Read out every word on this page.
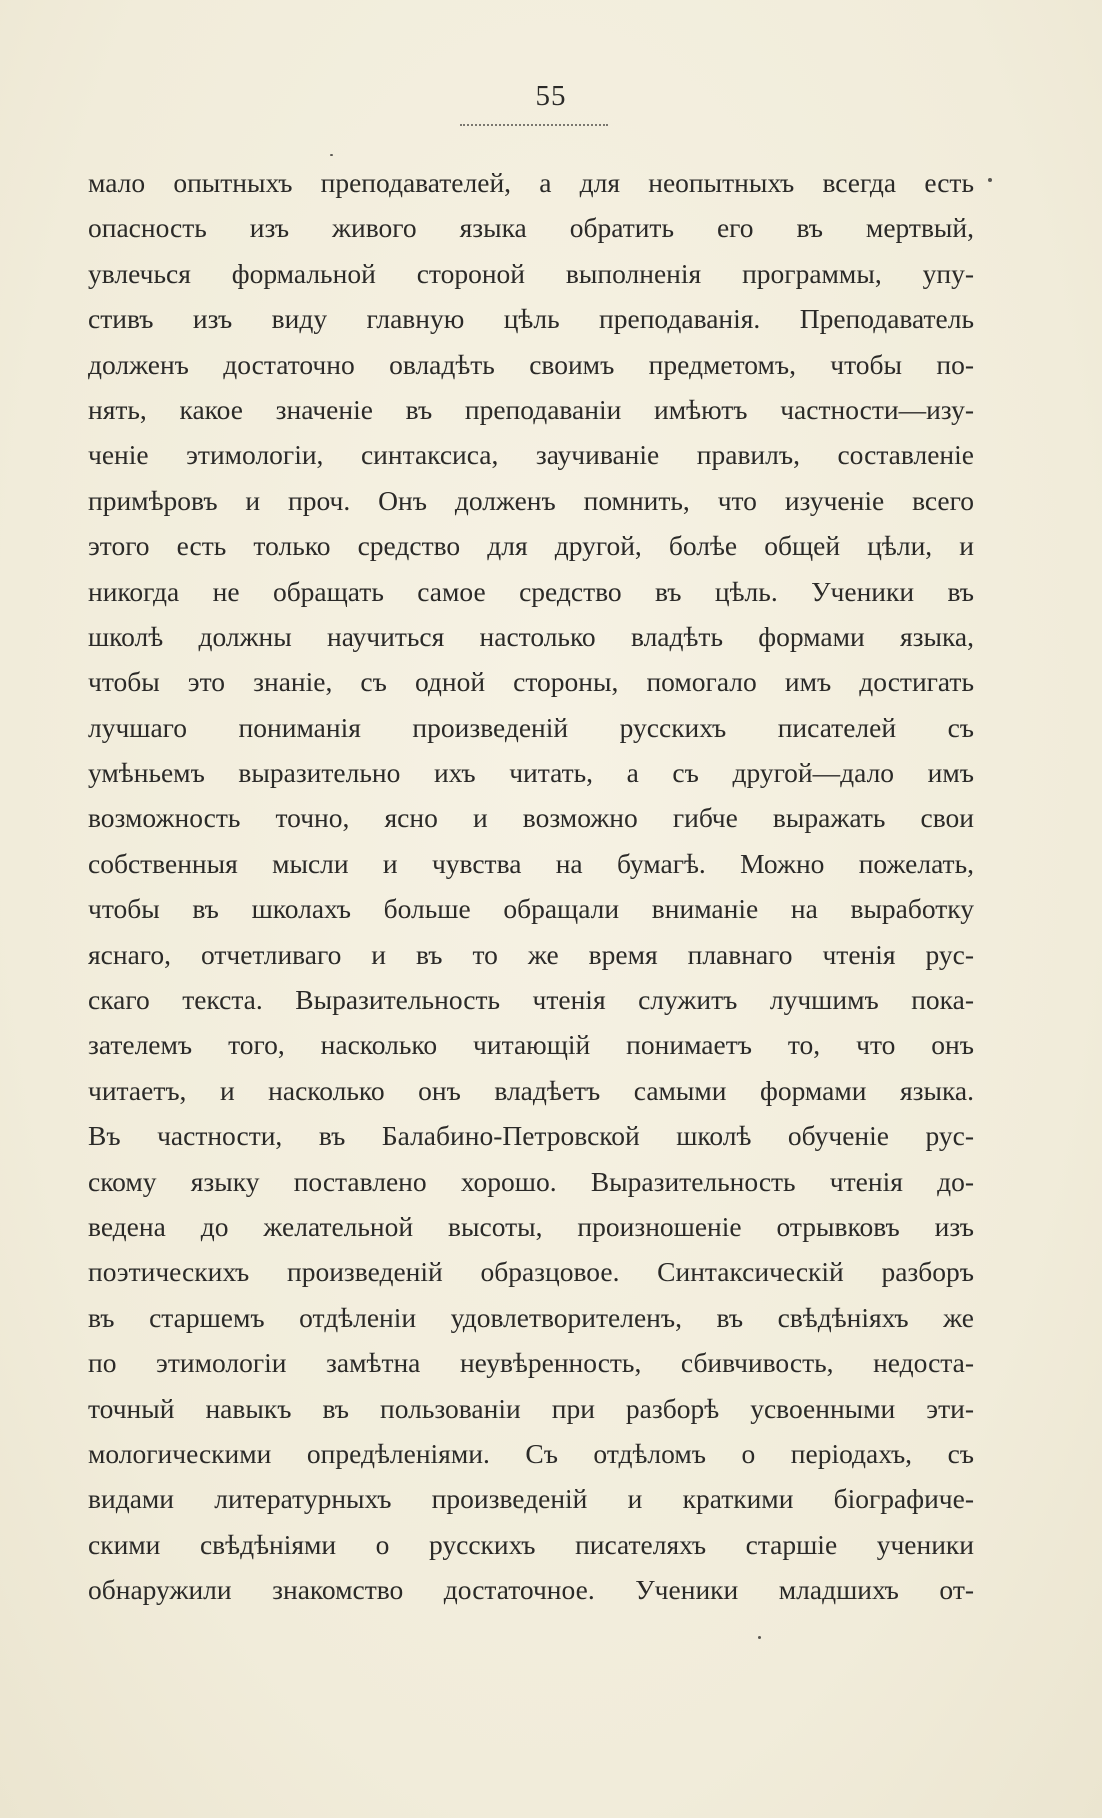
55
мало опытныхъ преподавателей, а для неопытныхъ всегда есть
опасность изъ живого языка обратить его въ мертвый,
увлечься формальной стороной выполненія программы, упу-
стивъ изъ виду главную цѣль преподаванія. Преподаватель
долженъ достаточно овладѣть своимъ предметомъ, чтобы по-
нять, какое значеніе въ преподаваніи имѣютъ частности—изу-
ченіе этимологіи, синтаксиса, заучиваніе правилъ, составленіе
примѣровъ и проч. Онъ долженъ помнить, что изученіе всего
этого есть только средство для другой, болѣе общей цѣли, и
никогда не обращать самое средство въ цѣль. Ученики въ
школѣ должны научиться настолько владѣть формами языка,
чтобы это знаніе, съ одной стороны, помогало имъ достигать
лучшаго пониманія произведеній русскихъ писателей съ
умѣньемъ выразительно ихъ читать, а съ другой—дало имъ
возможность точно, ясно и возможно гибче выражать свои
собственныя мысли и чувства на бумагѣ. Можно пожелать,
чтобы въ школахъ больше обращали вниманіе на выработку
яснаго, отчетливаго и въ то же время плавнаго чтенія рус-
скаго текста. Выразительность чтенія служитъ лучшимъ пока-
зателемъ того, насколько читающій понимаетъ то, что онъ
читаетъ, и насколько онъ владѣетъ самыми формами языка.
Въ частности, въ Балабино-Петровской школѣ обученіе рус-
скому языку поставлено хорошо. Выразительность чтенія до-
ведена до желательной высоты, произношеніе отрывковъ изъ
поэтическихъ произведеній образцовое. Синтаксическій разборъ
въ старшемъ отдѣленіи удовлетворителенъ, въ свѣдѣніяхъ же
по этимологіи замѣтна неувѣренность, сбивчивость, недоста-
точный навыкъ въ пользованіи при разборѣ усвоенными эти-
мологическими опредѣленіями. Съ отдѣломъ о періодахъ, съ
видами литературныхъ произведеній и краткими біографиче-
скими свѣдѣніями о русскихъ писателяхъ старшіе ученики
обнаружили знакомство достаточное. Ученики младшихъ от-
